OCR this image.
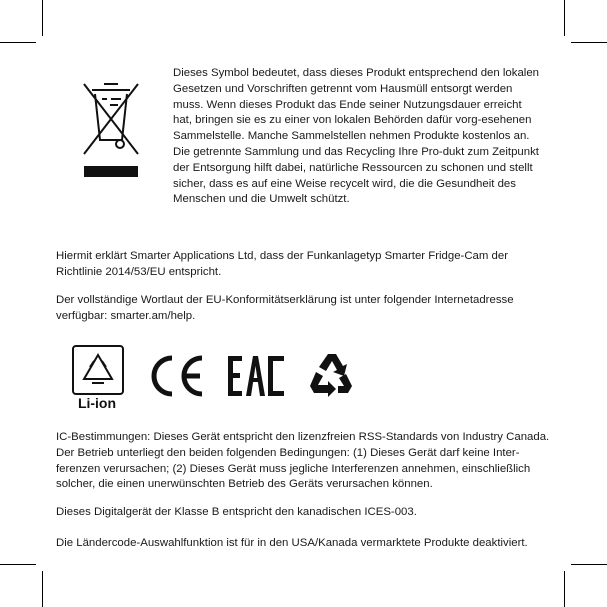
Dieses Symbol bedeutet, dass dieses Produkt entsprechend den lokalen Gesetzen und Vorschriften getrennt vom Hausmüll entsorgt werden muss. Wenn dieses Produkt das Ende seiner Nutzungsdauer erreicht hat, bringen sie es zu einer von lokalen Behörden dafür vorg-esehenen Sammelstelle. Manche Sammelstellen nehmen Produkte kostenlos an. Die getrennte Sammlung und das Recycling Ihre Pro-dukt zum Zeitpunkt der Entsorgung hilft dabei, natürliche Ressourcen zu schonen und stellt sicher, dass es auf eine Weise recycelt wird, die die Gesundheit des Menschen und die Umwelt schützt.

Hiermit erklärt Smarter Applications Ltd, dass der Funkanlagetyp Smarter Fridge-Cam der Richtlinie 2014/53/EU entspricht.

Der vollständige Wortlaut der EU-Konformitätserklärung ist unter folgender Internetadresse verfügbar: smarter.am/help.

Li-ion

IC-Bestimmungen: Dieses Gerät entspricht den lizenzfreien RSS-Standards von Industry Canada. Der Betrieb unterliegt den beiden folgenden Bedingungen: (1) Dieses Gerät darf keine Inter-ferenzen verursachen; (2) Dieses Gerät muss jegliche Interferenzen annehmen, einschließlich solcher, die einen unerwünschten Betrieb des Geräts verursachen können.

Dieses Digitalgerät der Klasse B entspricht den kanadischen ICES-003.

Die Ländercode-Auswahlfunktion ist für in den USA/Kanada vermarktete Produkte deaktiviert.
